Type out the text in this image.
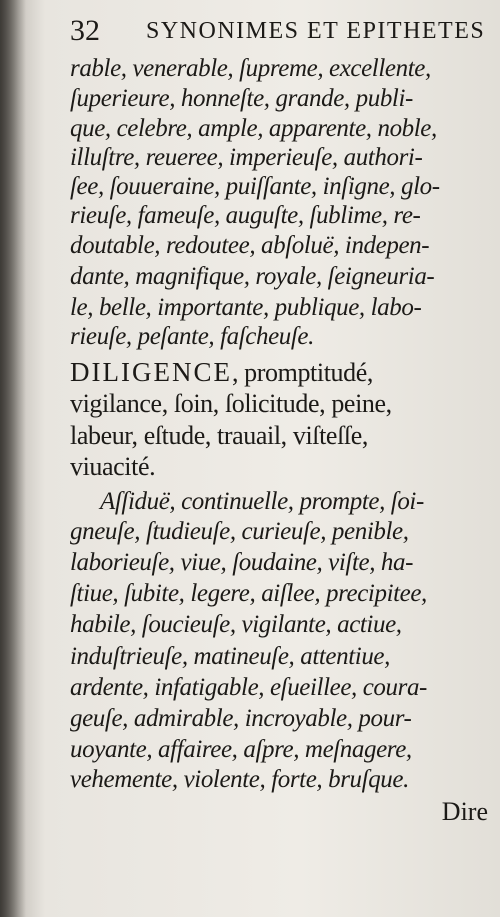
32 SYNONIMES ET EPITHETES
rable, venerable, ſupreme, excellente,
ſuperieure, honneſte, grande, publi-
que, celebre, ample, apparente, noble,
illuſtre, reueree, imperieuſe, authori-
ſee, ſouueraine, puiſſante, inſigne, glo-
rieuſe, fameuſe, auguſte, ſublime, re-
doutable, redoutee, abſoluë, indepen-
dante, magnifique, royale, ſeigneuria-
le, belle, importante, publique, labo-
rieuſe, peſante, faſcheuſe.
DILIGENCE, promptitudé,
vigilance, ſoin, ſolicitude, peine,
labeur, eſtude, trauail, viſteſſe,
viuacité.
Aſſiduë, continuelle, prompte, ſoi-
gneuſe, ſtudieuſe, curieuſe, penible,
laborieuſe, viue, ſoudaine, viſte, ha-
ſtiue, ſubite, legere, aiſlee, precipitee,
habile, ſoucieuſe, vigilante, actiue,
induſtrieuſe, matineuſe, attentiue,
ardente, infatigable, eſueillee, coura-
geuſe, admirable, incroyable, pour-
uoyante, affairee, aſpre, meſnagere,
vehemente, violente, forte, bruſque.
Dire
